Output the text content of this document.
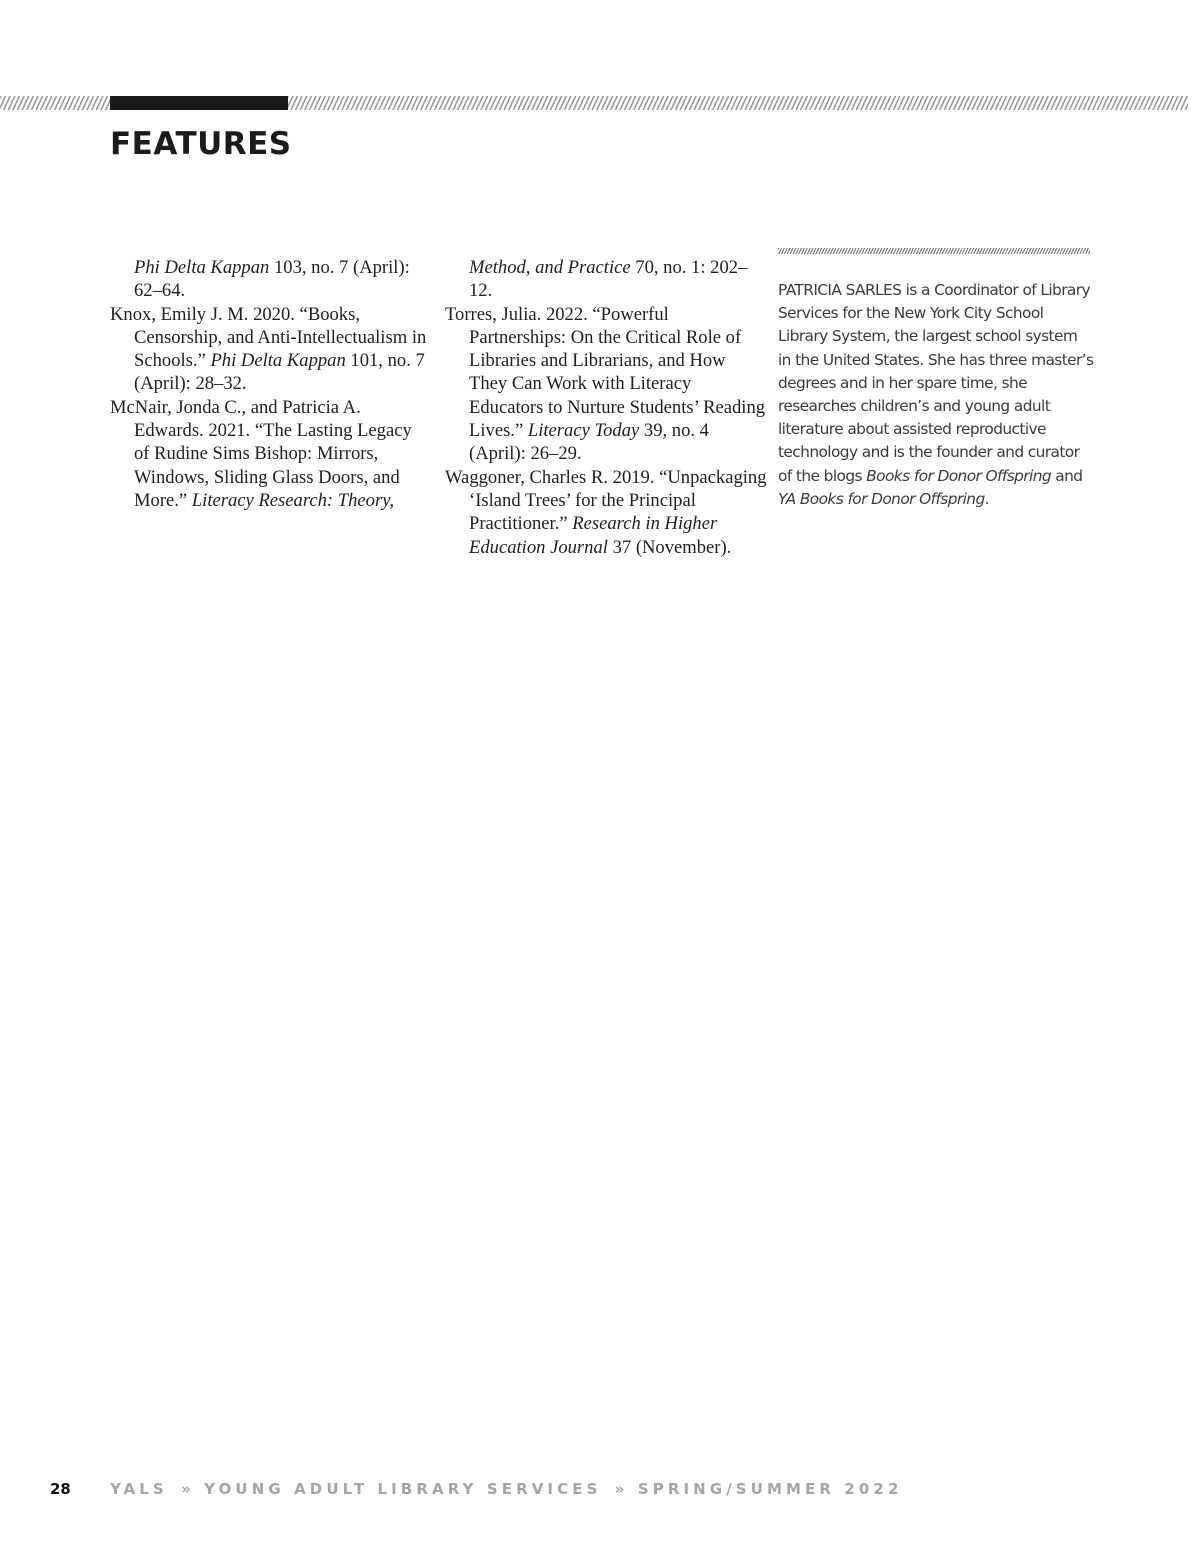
FEATURES

Phi Delta Kappan 103, no. 7 (April): 62–64.

Knox, Emily J. M. 2020. “Books, Censorship, and Anti-Intellectualism in Schools.” Phi Delta Kappan 101, no. 7 (April): 28–32.

McNair, Jonda C., and Patricia A. Edwards. 2021. “The Lasting Legacy of Rudine Sims Bishop: Mirrors, Windows, Sliding Glass Doors, and More.” Literacy Research: Theory,

Method, and Practice 70, no. 1: 202–12.

Torres, Julia. 2022. “Powerful Partnerships: On the Critical Role of Libraries and Librarians, and How They Can Work with Literacy Educators to Nurture Students’ Reading Lives.” Literacy Today 39, no. 4 (April): 26–29.

Waggoner, Charles R. 2019. “Unpackaging ‘Island Trees’ for the Principal Practitioner.” Research in Higher Education Journal 37 (November).

PATRICIA SARLES is a Coordinator of Library Services for the New York City School Library System, the largest school system in the United States. She has three master’s degrees and in her spare time, she researches children’s and young adult literature about assisted reproductive technology and is the founder and curator of the blogs Books for Donor Offspring and YA Books for Donor Offspring.

28	YALS » YOUNG ADULT LIBRARY SERVICES » SPRING/SUMMER 2022
